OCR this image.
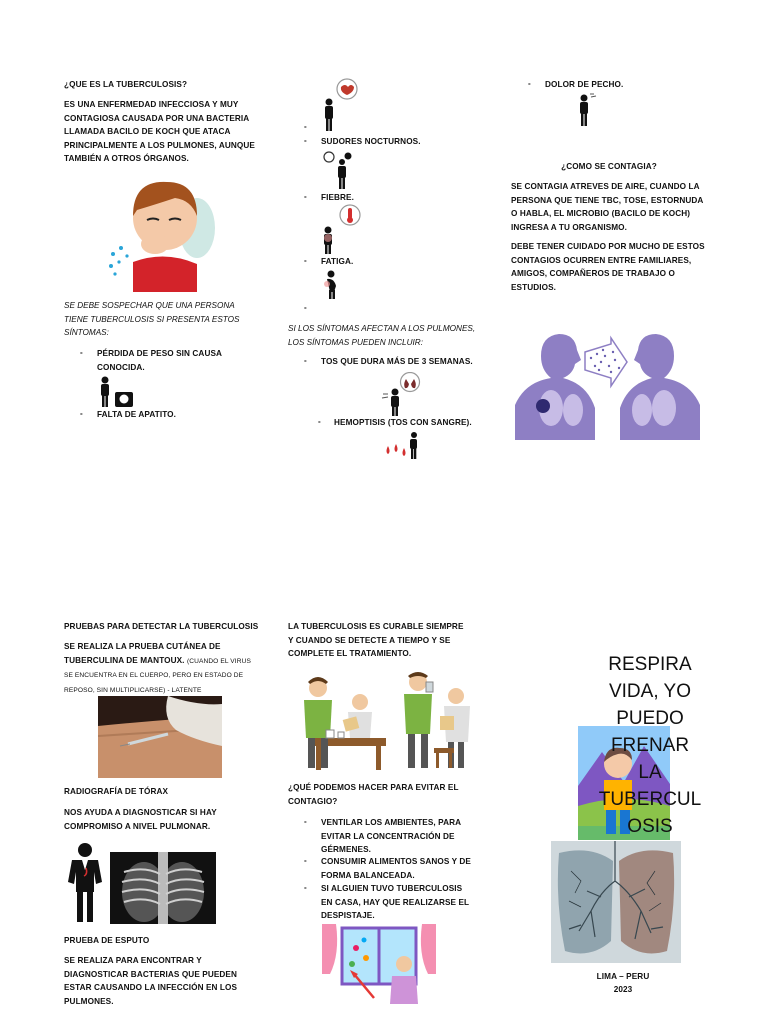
¿QUE ES LA TUBERCULOSIS?
ES UNA ENFERMEDAD INFECCIOSA Y MUY CONTAGIOSA CAUSADA POR UNA BACTERIA LLAMADA BACILO DE KOCH QUE ATACA PRINCIPALMENTE A LOS PULMONES, AUNQUE TAMBIÉN A OTROS ÓRGANOS.
SE DEBE SOSPECHAR QUE UNA PERSONA TIENE TUBERCULOSIS SI PRESENTA ESTOS SÍNTOMAS:
- PÉRDIDA DE PESO SIN CAUSA CONOCIDA.
- FALTA DE APATITO.
-
- SUDORES NOCTURNOS.
- FIEBRE.
- FATIGA.
-
SI LOS SÍNTOMAS AFECTAN A LOS PULMONES, LOS SÍNTOMAS PUEDEN INCLUIR:
- TOS QUE DURA MÁS DE 3 SEMANAS.
- HEMOPTISIS (TOS CON SANGRE).
- DOLOR DE PECHO.
¿COMO SE CONTAGIA?
SE CONTAGIA ATREVES DE AIRE, CUANDO LA PERSONA QUE TIENE TBC, TOSE, ESTORNUDA O HABLA, EL MICROBIO (BACILO DE KOCH) INGRESA A TU ORGANISMO.
DEBE TENER CUIDADO POR MUCHO DE ESTOS CONTAGIOS OCURREN ENTRE FAMILIARES, AMIGOS, COMPAÑEROS DE TRABAJO O ESTUDIOS.
PRUEBAS PARA DETECTAR LA TUBERCULOSIS
SE REALIZA LA PRUEBA CUTÁNEA DE TUBERCULINA DE MANTOUX. (CUANDO EL VIRUS SE ENCUENTRA EN EL CUERPO, PERO EN ESTADO DE REPOSO, SIN MULTIPLICARSE) - LATENTE
RADIOGRAFÍA DE TÓRAX
NOS AYUDA A DIAGNOSTICAR SI HAY COMPROMISO A NIVEL PULMONAR.
PRUEBA DE ESPUTO
SE REALIZA PARA ENCONTRAR Y DIAGNOSTICAR BACTERIAS QUE PUEDEN ESTAR CAUSANDO LA INFECCIÓN EN LOS PULMONES.
LA TUBERCULOSIS ES CURABLE SIEMPRE Y CUANDO SE DETECTE A TIEMPO Y SE COMPLETE EL TRATAMIENTO.
¿QUÉ PODEMOS HACER PARA EVITAR EL CONTAGIO?
- VENTILAR LOS AMBIENTES, PARA EVITAR LA CONCENTRACIÓN DE GÉRMENES.
- CONSUMIR ALIMENTOS SANOS Y DE FORMA BALANCEADA.
- SI ALGUIEN TUVO TUBERCULOSIS EN CASA, HAY QUE REALIZARSE EL DESPISTAJE.
RESPIRA
VIDA, YO
PUEDO
FRENAR
LA
TUBERCUL
OSIS
LIMA – PERU
2023
